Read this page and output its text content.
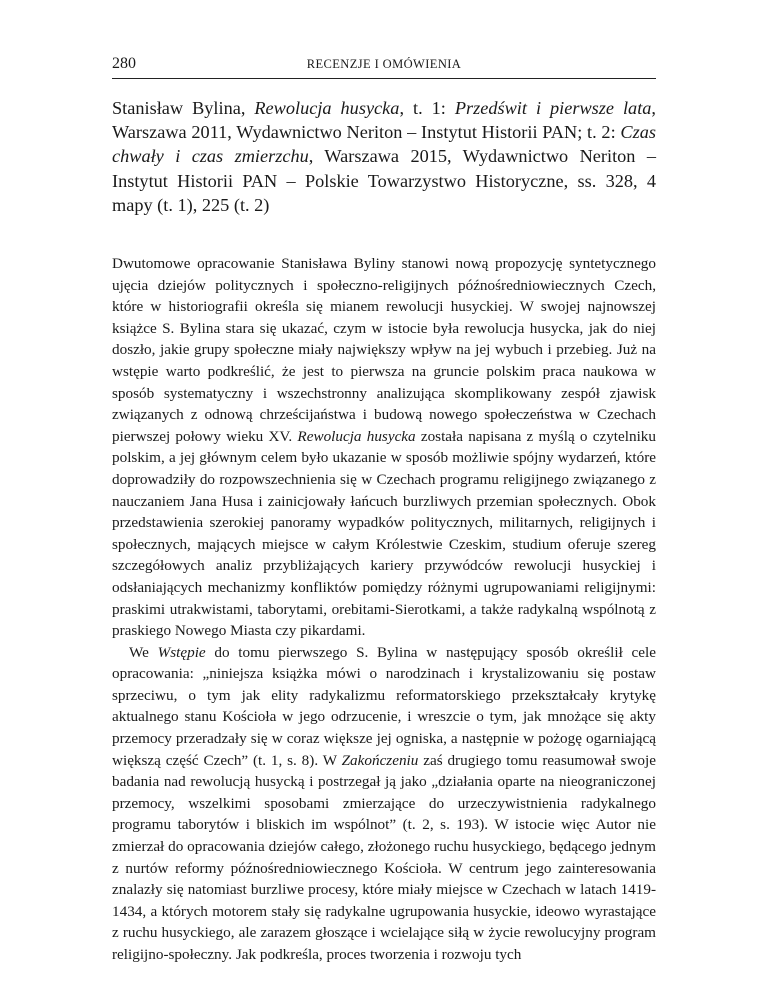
280	RECENZJE I OMÓWIENIA
Stanisław Bylina, Rewolucja husycka, t. 1: Przedświt i pierwsze lata, Warszawa 2011, Wydawnictwo Neriton – Instytut Historii PAN; t. 2: Czas chwały i czas zmierzchu, Warszawa 2015, Wydawnictwo Neriton – Instytut Historii PAN – Polskie Towarzystwo Historyczne, ss. 328, 4 mapy (t. 1), 225 (t. 2)

Dwutomowe opracowanie Stanisława Byliny stanowi nową propozycję syntetycznego ujęcia dziejów politycznych i społeczno-religijnych późnośredniowiecznych Czech, które w historiografii określa się mianem rewolucji husyckiej. W swojej najnowszej książce S. Bylina stara się ukazać, czym w istocie była rewolucja husycka, jak do niej doszło, jakie grupy społeczne miały największy wpływ na jej wybuch i przebieg. Już na wstępie warto podkreślić, że jest to pierwsza na gruncie polskim praca naukowa w sposób systematyczny i wszechstronny analizująca skomplikowany zespół zjawisk związanych z odnową chrześcijaństwa i budową nowego społeczeństwa w Czechach pierwszej połowy wieku XV. Rewolucja husycka została napisana z myślą o czytelniku polskim, a jej głównym celem było ukazanie w sposób możliwie spójny wydarzeń, które doprowadziły do rozpowszechnienia się w Czechach programu religijnego związanego z nauczaniem Jana Husa i zainicjowały łańcuch burzliwych przemian społecznych. Obok przedstawienia szerokiej panoramy wypadków politycznych, militarnych, religijnych i społecznych, mających miejsce w całym Królestwie Czeskim, studium oferuje szereg szczegółowych analiz przybliżających kariery przywódców rewolucji husyckiej i odsłaniających mechanizmy konfliktów pomiędzy różnymi ugrupowaniami religijnymi: praskimi utrakwistami, taborytami, orebitami-Sierotkami, a także radykalną wspólnotą z praskiego Nowego Miasta czy pikardami.

We Wstępie do tomu pierwszego S. Bylina w następujący sposób określił cele opracowania: „niniejsza książka mówi o narodzinach i krystalizowaniu się postaw sprzeciwu, o tym jak elity radykalizmu reformatorskiego przekształcały krytykę aktualnego stanu Kościoła w jego odrzucenie, i wreszcie o tym, jak mnożące się akty przemocy przeradzały się w coraz większe jej ogniska, a następnie w pożogę ogarniającą większą część Czech” (t. 1, s. 8). W Zakończeniu zaś drugiego tomu reasumował swoje badania nad rewolucją husycką i postrzegał ją jako „działania oparte na nieograniczonej przemocy, wszelkimi sposobami zmierzające do urzeczywistnienia radykalnego programu taborytów i bliskich im wspólnot” (t. 2, s. 193). W istocie więc Autor nie zmierzał do opracowania dziejów całego, złożonego ruchu husyckiego, będącego jednym z nurtów reformy późnośredniowiecznego Kościoła. W centrum jego zainteresowania znalazły się natomiast burzliwe procesy, które miały miejsce w Czechach w latach 1419-1434, a których motorem stały się radykalne ugrupowania husyckie, ideowo wyrastające z ruchu husyckiego, ale zarazem głoszące i wcielające siłą w życie rewolucyjny program religijno-społeczny. Jak podkreśla, proces tworzenia i rozwoju tych
